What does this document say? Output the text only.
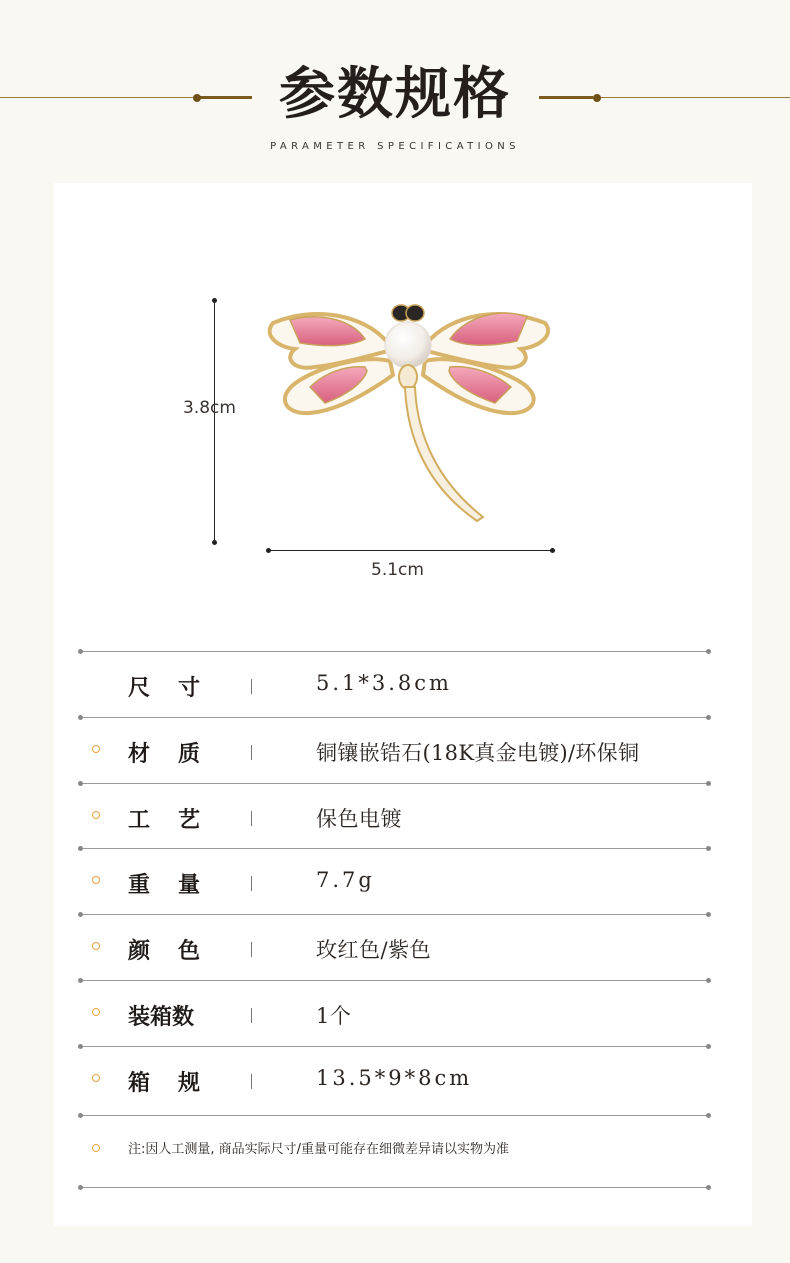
参数规格
PARAMETER SPECIFICATIONS
3.8cm
5.1cm
尺 寸	5.1*3.8cm
材 质	铜镶嵌锆石(18K真金电镀)/环保铜
工 艺	保色电镀
重 量	7.7g
颜 色	玫红色/紫色
装箱数	1个
箱 规	13.5*9*8cm
注:因人工测量, 商品实际尺寸/重量可能存在细微差异请以实物为准
